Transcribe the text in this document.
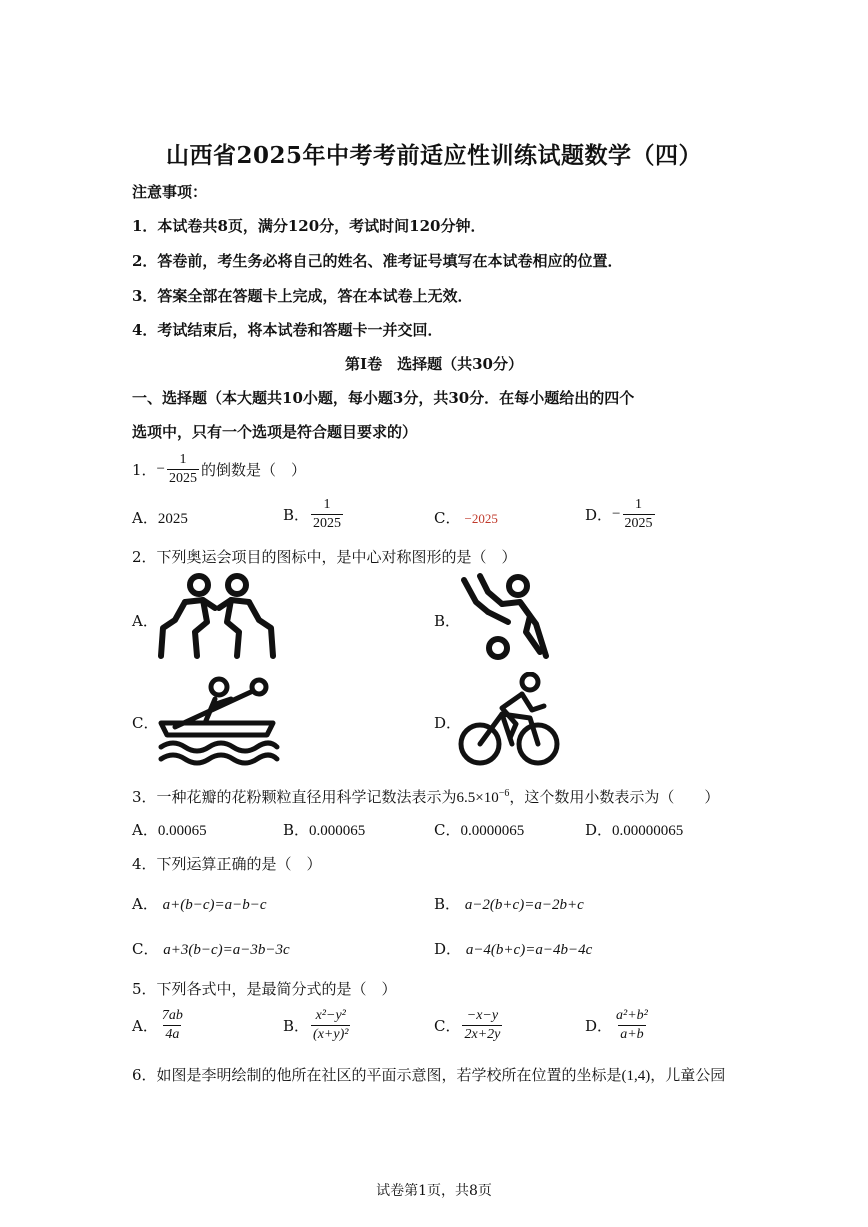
山西省2025年中考考前适应性训练试题数学（四）
注意事项：
1．本试卷共8页，满分120分，考试时间120分钟．
2．答卷前，考生务必将自己的姓名、准考证号填写在本试卷相应的位置．
3．答案全部在答题卡上完成，答在本试卷上无效．
4．考试结束后，将本试卷和答题卡一并交回．
第Ⅰ卷　选择题（共30分）
一、选择题（本大题共10小题，每小题3分，共30分．在每小题给出的四个
选项中，只有一个选项是符合题目要求的）
1． − $\frac{1}{2025}$ 的倒数是（　）
A．2025	B． $\frac{1}{2025}$	C． −2025	D． − $\frac{1}{2025}$
2．下列奥运会项目的图标中，是中心对称图形的是（　）
A．	B．
C．	D．
3．一种花瓣的花粉颗粒直径用科学记数法表示为$6.5\times 10^{-6}$，这个数用小数表示为（　　）
A．0.00065	B．0.000065	C．0.0000065	D．0.00000065
4．下列运算正确的是（　）
A． a+(b−c)=a−b−c	B． a−2(b+c)=a−2b+c
C． a+3(b−c)=a−3b−3c	D． a−4(b+c)=a−4b−4c
5．下列各式中，是最简分式的是（　）
A． $\frac{7ab}{4a}$	B． $\frac{\text{x²−y²}}{\text{(x+y)²}}$	C． $\frac{-x-y}{2x+2y}$	D． $\frac{\text{a²+b²}}{a+b}$
6．如图是李明绘制的他所在社区的平面示意图，若学校所在位置的坐标是(1,4)，儿童公园
试卷第1页，共8页
